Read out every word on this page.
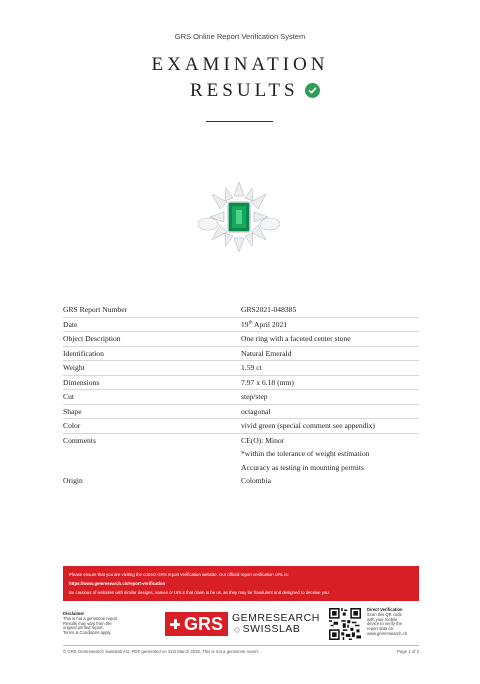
GRS Online Report Verification System
EXAMINATION
RESULTS
GRS Report Number	GRS2021-048385
Date	19th April 2021
Object Description	One ring with a faceted center stone
Identification	Natural Emerald
Weight	1.59 ct
Dimensions	7.97 x 6.18 (mm)
Cut	step/step
Shape	octagonal
Color	vivid green (special comment see appendix)
Comments	CE(O): Minor
	*within the tolerance of weight estimation
	Accuracy as testing in mounting permits
Origin	Colombia
Please ensure that you are visiting the correct GRS report verification website. Our official report verification URL is:
https://www.gemresearch.ch/report-verification
Be cautious of websites with similar designs, names or URLs that claim to be us, as they may be fraudulent and designed to deceive you.
Disclaimer
This is not a gemstone report.
Results may vary from the
original printed report.
Terms & Conditions apply.	GRS GEMRESEARCH
◇ SWISSLAB
Direct Verification
Scan this QR code
with your mobile
device to verify the
report data on
www.gemresearch.ch
© GRS Gemresearch Swisslab AG. PDF generated on 31st March 2025. This is not a gemstone report.	Page 1 of 2
